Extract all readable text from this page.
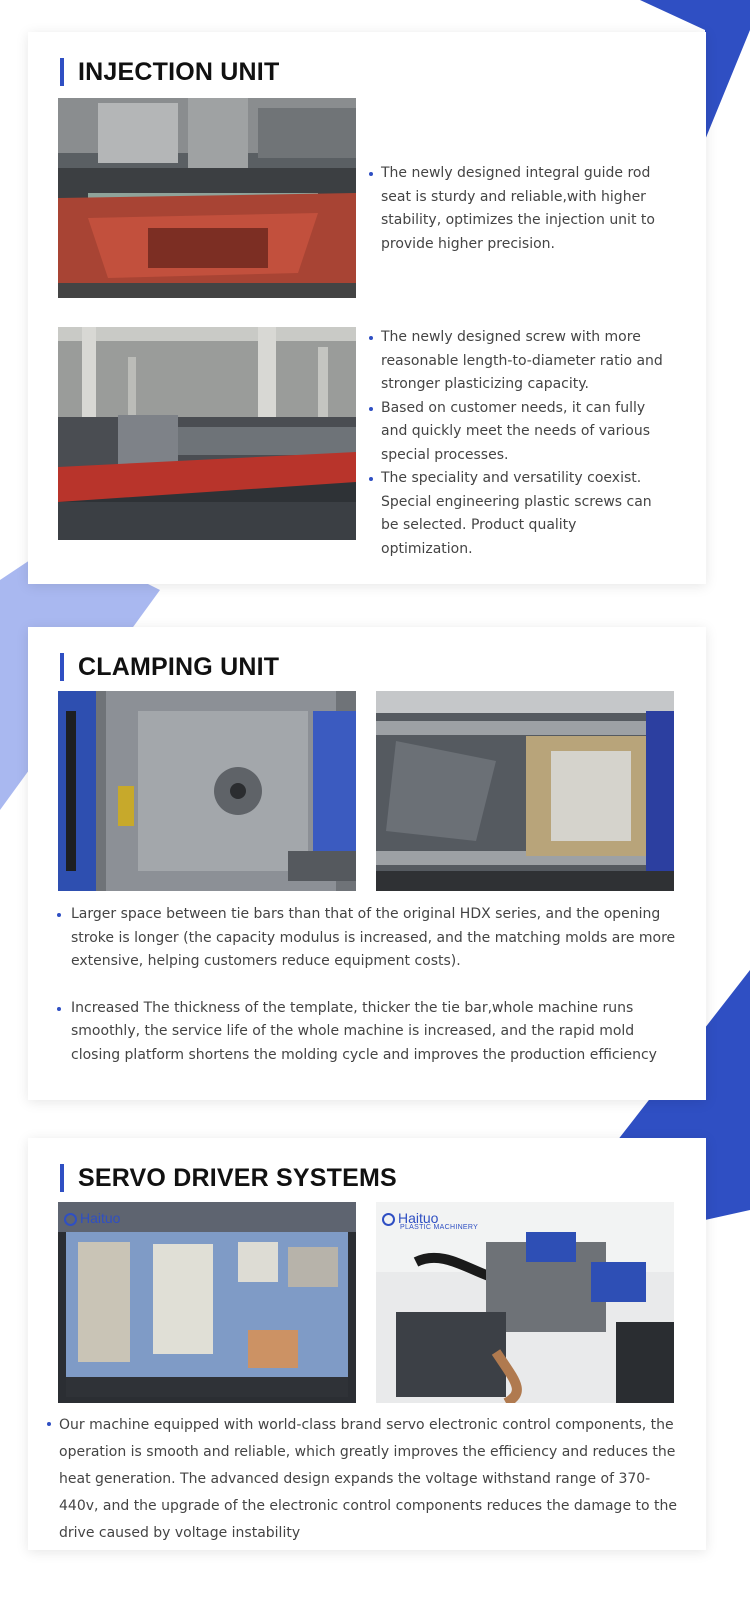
INJECTION UNIT
The newly designed integral guide rod seat is sturdy and reliable,with higher stability, optimizes the injection unit to provide higher precision.
The newly designed screw with more reasonable length-to-diameter ratio and stronger plasticizing capacity.
Based on customer needs, it can fully and quickly meet the needs of various special processes.
The speciality and versatility coexist. Special engineering plastic screws can be selected. Product quality optimization.
CLAMPING UNIT
Larger space between tie bars than that of the original HDX series, and the opening stroke is longer (the capacity modulus is increased, and the matching molds are more extensive, helping customers reduce equipment costs).
Increased The thickness of the template, thicker the tie bar,whole machine runs smoothly, the service life of the whole machine is increased, and the rapid mold closing platform shortens the molding cycle and improves the production efficiency
SERVO DRIVER SYSTEMS
Haituo	Haituo
PLASTIC MACHINERY
Our machine equipped with world-class brand servo electronic control components, the operation is smooth and reliable, which greatly improves the efficiency and reduces the heat generation. The advanced design expands the voltage withstand range of 370-440v, and the upgrade of the electronic control components reduces the damage to the drive caused by voltage instability
